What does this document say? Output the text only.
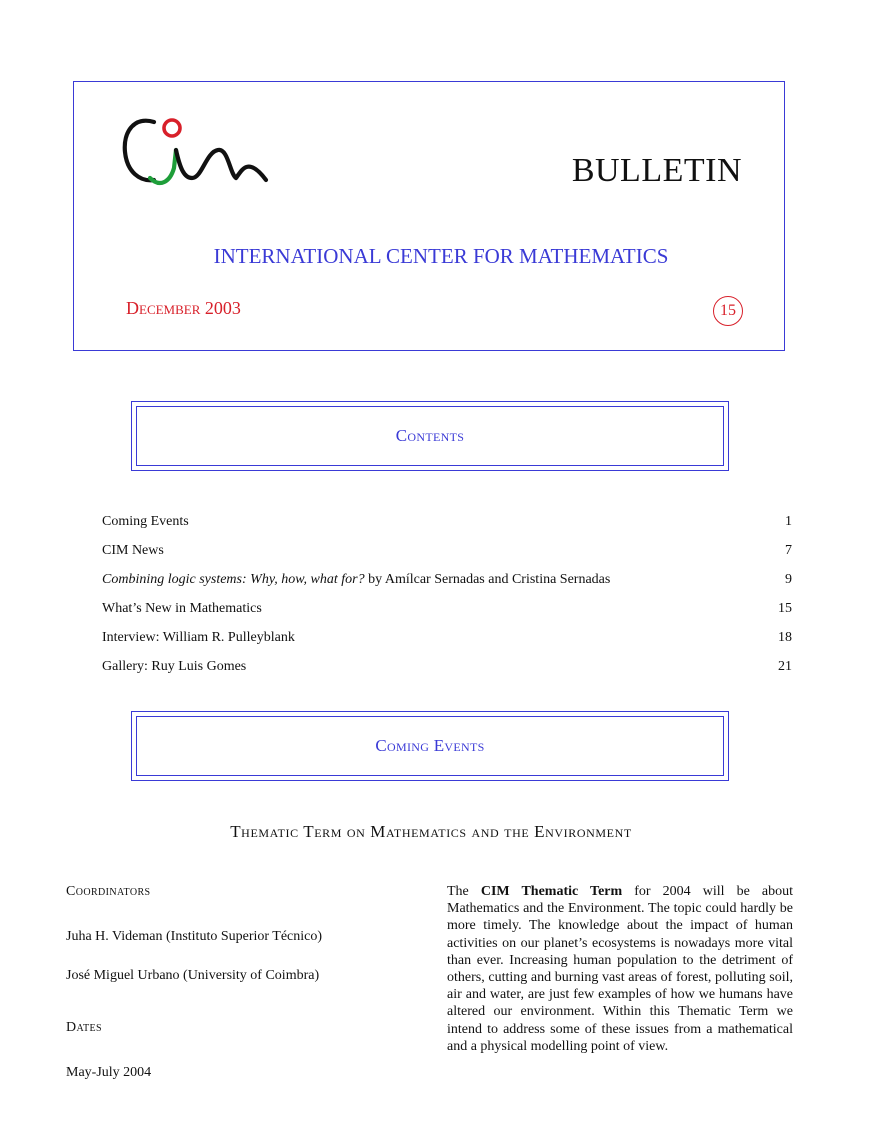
BULLETIN
INTERNATIONAL CENTER FOR MATHEMATICS
December 2003	15
Contents
Coming Events	1
CIM News	7
Combining logic systems: Why, how, what for? by Amílcar Sernadas and Cristina Sernadas	9
What’s New in Mathematics	15
Interview: William R. Pulleyblank	18
Gallery: Ruy Luis Gomes	21
Coming Events
Thematic Term on Mathematics and the Environment
Coordinators
Juha H. Videman (Instituto Superior Técnico)
José Miguel Urbano (University of Coimbra)
Dates
May-July 2004
The CIM Thematic Term for 2004 will be about Mathematics and the Environment. The topic could hardly be more timely. The knowledge about the impact of human activities on our planet’s ecosystems is nowadays more vital than ever. Increasing human population to the detriment of others, cutting and burning vast areas of forest, polluting soil, air and water, are just few examples of how we humans have altered our environment. Within this Thematic Term we intend to address some of these issues from a mathematical and a physical modelling point of view.
